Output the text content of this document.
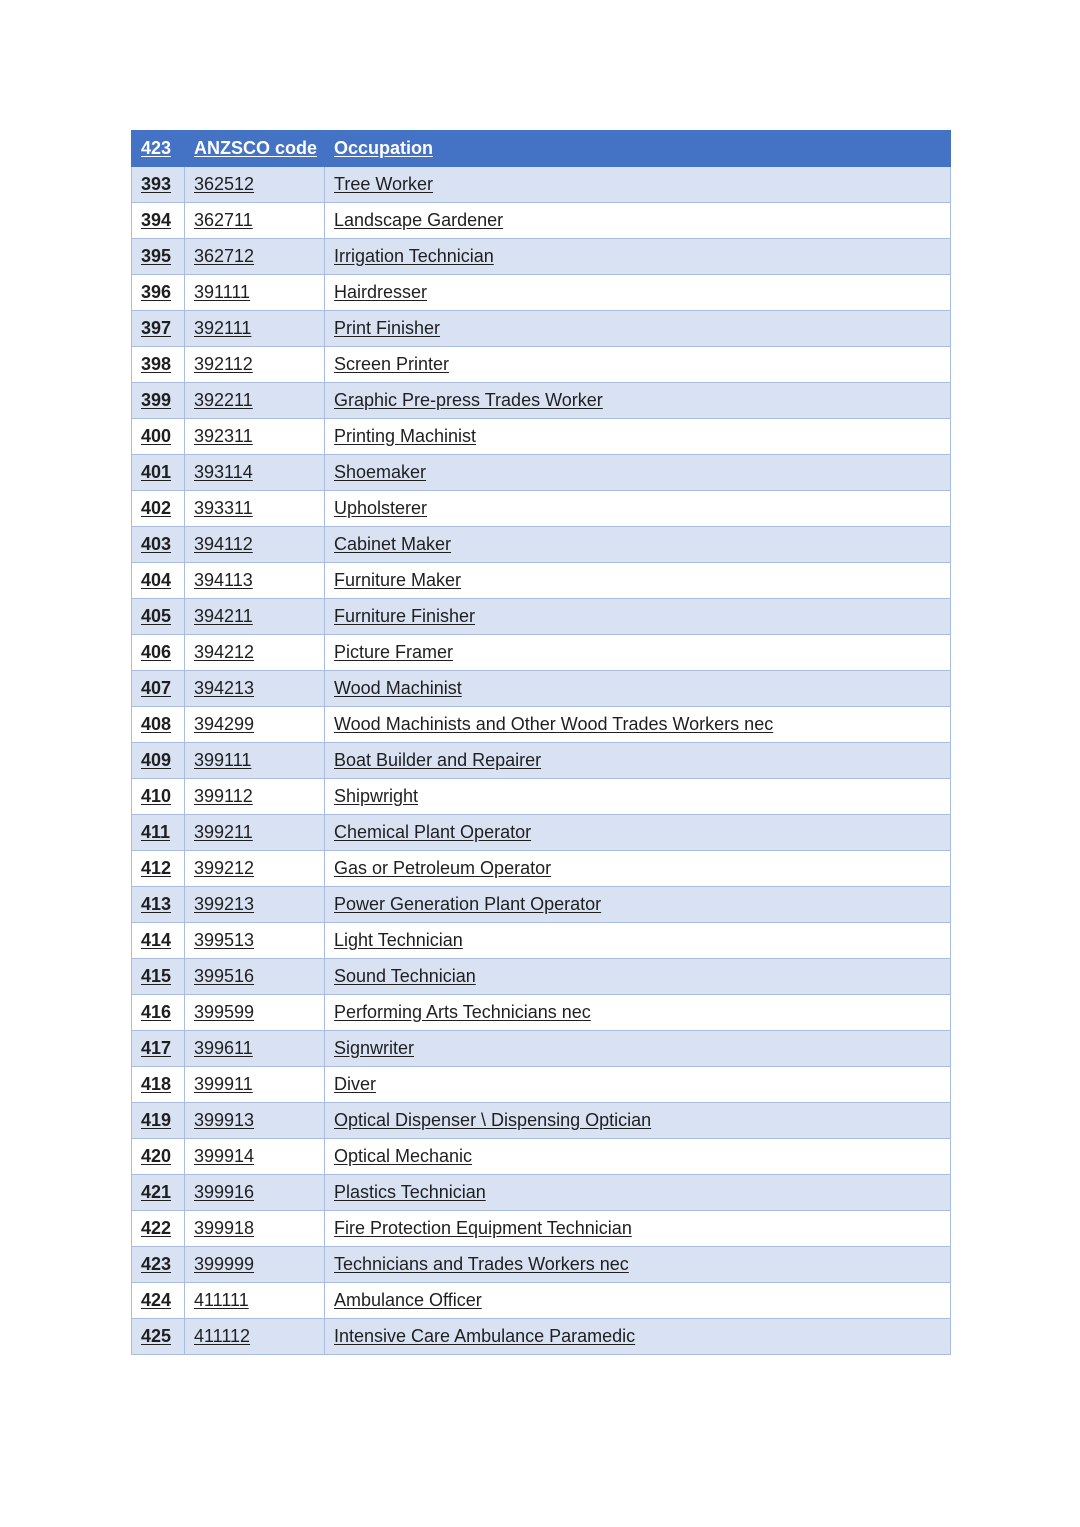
423	ANZSCO code	Occupation
393	362512	Tree Worker
394	362711	Landscape Gardener
395	362712	Irrigation Technician
396	391111	Hairdresser
397	392111	Print Finisher
398	392112	Screen Printer
399	392211	Graphic Pre-press Trades Worker
400	392311	Printing Machinist
401	393114	Shoemaker
402	393311	Upholsterer
403	394112	Cabinet Maker
404	394113	Furniture Maker
405	394211	Furniture Finisher
406	394212	Picture Framer
407	394213	Wood Machinist
408	394299	Wood Machinists and Other Wood Trades Workers nec
409	399111	Boat Builder and Repairer
410	399112	Shipwright
411	399211	Chemical Plant Operator
412	399212	Gas or Petroleum Operator
413	399213	Power Generation Plant Operator
414	399513	Light Technician
415	399516	Sound Technician
416	399599	Performing Arts Technicians nec
417	399611	Signwriter
418	399911	Diver
419	399913	Optical Dispenser \ Dispensing Optician
420	399914	Optical Mechanic
421	399916	Plastics Technician
422	399918	Fire Protection Equipment Technician
423	399999	Technicians and Trades Workers nec
424	411111	Ambulance Officer
425	411112	Intensive Care Ambulance Paramedic
